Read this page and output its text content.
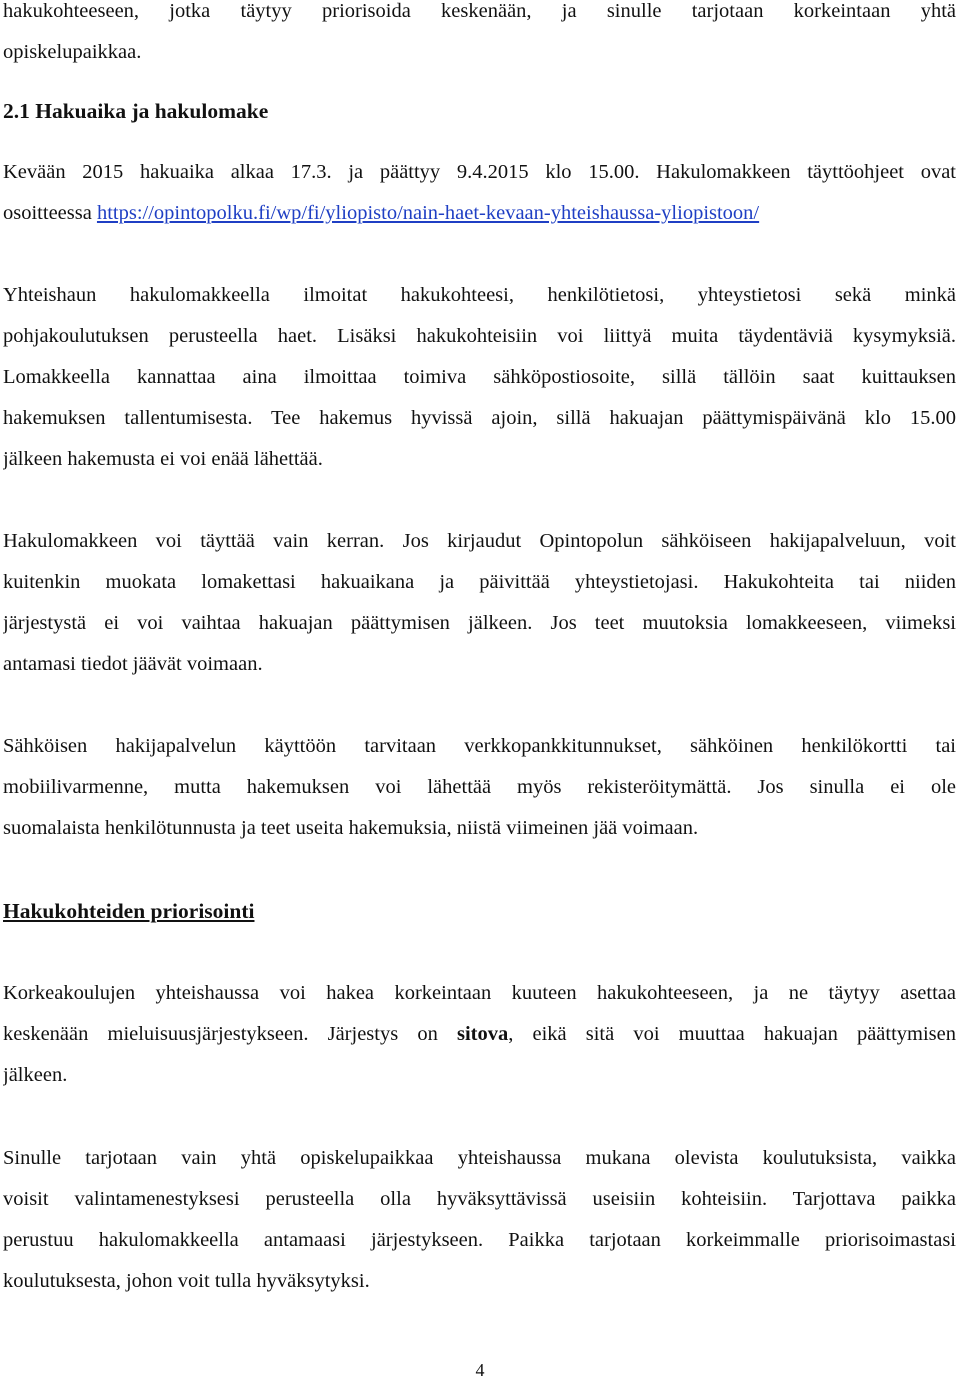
hakukohteeseen, jotka täytyy priorisoida keskenään, ja sinulle tarjotaan korkeintaan yhtä
opiskelupaikkaa.
2.1 Hakuaika ja hakulomake
Kevään 2015 hakuaika alkaa 17.3. ja päättyy 9.4.2015 klo 15.00. Hakulomakkeen täyttöohjeet ovat
osoitteessa https://opintopolku.fi/wp/fi/yliopisto/nain-haet-kevaan-yhteishaussa-yliopistoon/
Yhteishaun hakulomakkeella ilmoitat hakukohteesi, henkilötietosi, yhteystietosi sekä minkä
pohjakoulutuksen perusteella haet. Lisäksi hakukohteisiin voi liittyä muita täydentäviä kysymyksiä.
Lomakkeella kannattaa aina ilmoittaa toimiva sähköpostiosoite, sillä tällöin saat kuittauksen
hakemuksen tallentumisesta. Tee hakemus hyvissä ajoin, sillä hakuajan päättymispäivänä klo 15.00
jälkeen hakemusta ei voi enää lähettää.
Hakulomakkeen voi täyttää vain kerran. Jos kirjaudut Opintopolun sähköiseen hakijapalveluun, voit
kuitenkin muokata lomakettasi hakuaikana ja päivittää yhteystietojasi. Hakukohteita tai niiden
järjestystä ei voi vaihtaa hakuajan päättymisen jälkeen. Jos teet muutoksia lomakkeeseen, viimeksi
antamasi tiedot jäävät voimaan.
Sähköisen hakijapalvelun käyttöön tarvitaan verkkopankkitunnukset, sähköinen henkilökortti tai
mobiilivarmenne, mutta hakemuksen voi lähettää myös rekisteröitymättä. Jos sinulla ei ole
suomalaista henkilötunnusta ja teet useita hakemuksia, niistä viimeinen jää voimaan.
Hakukohteiden priorisointi
Korkeakoulujen yhteishaussa voi hakea korkeintaan kuuteen hakukohteeseen, ja ne täytyy asettaa
keskenään mieluisuusjärjestykseen. Järjestys on sitova, eikä sitä voi muuttaa hakuajan päättymisen
jälkeen.
Sinulle tarjotaan vain yhtä opiskelupaikkaa yhteishaussa mukana olevista koulutuksista, vaikka
voisit valintamenestyksesi perusteella olla hyväksyttävissä useisiin kohteisiin. Tarjottava paikka
perustuu hakulomakkeella antamaasi järjestykseen. Paikka tarjotaan korkeimmalle priorisoimastasi
koulutuksesta, johon voit tulla hyväksytyksi.
4
